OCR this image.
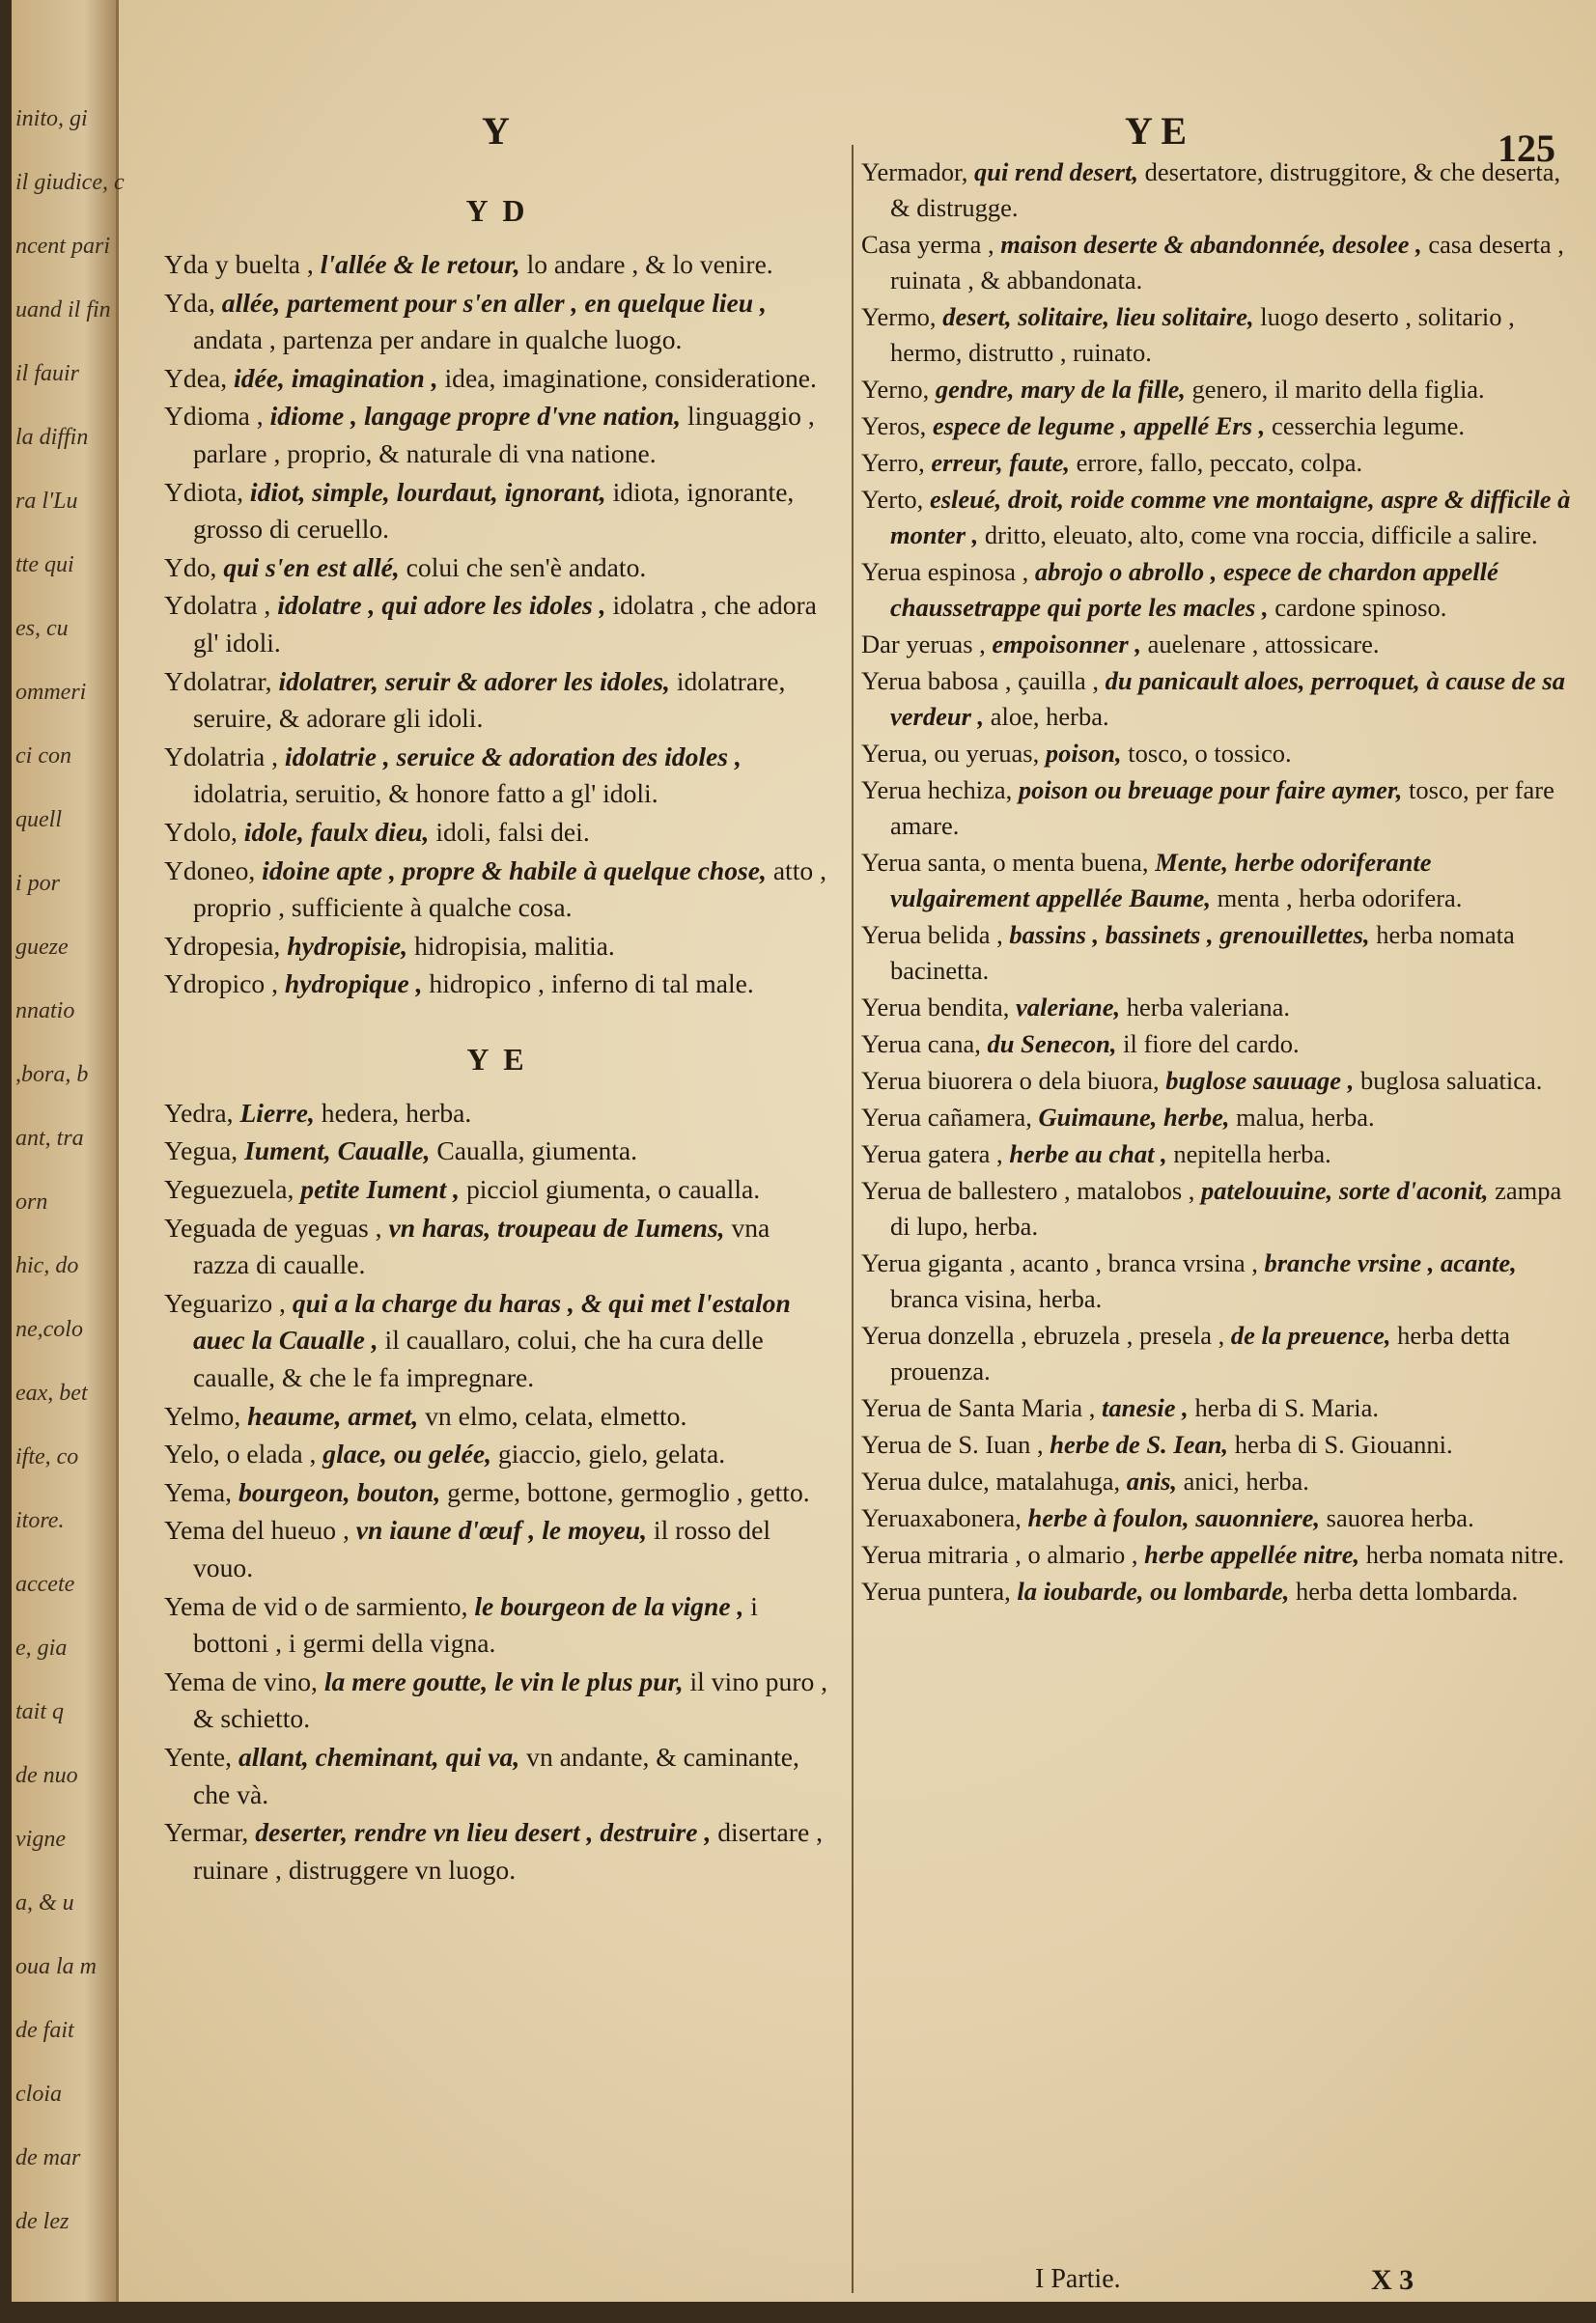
inito, gi
il giudice, c
ncent pari
uand il fin
il fauir
la diffin
ra l'Lu
tte qui
es, cu
ommeri
ci con
quell
i por
gueze
nnatio
,bora, b
ant, tra
orn
hic, do
ne,colo
eax, bet
ifte, co
itore.
accete
e, gia
tait q
de nuo
vigne
a, & u
oua la m
de fait
cloia
de mar
de lez
Y	Y E	125
Y D

Yda y buelta , l'allée & le retour, lo andare , & lo venire.

Yda, allée, partement pour s'en aller , en quelque lieu , andata , partenza per andare in qualche luogo.

Ydea, idée, imagination , idea, imaginatione, consideratione.

Ydioma , idiome , langage propre d'vne nation, linguaggio , parlare , proprio, & naturale di vna natione.

Ydiota, idiot, simple, lourdaut, ignorant, idiota, ignorante, grosso di ceruello.

Ydo, qui s'en est allé, colui che sen'è andato.

Ydolatra , idolatre , qui adore les idoles , idolatra , che adora gl' idoli.

Ydolatrar, idolatrer, seruir & adorer les idoles, idolatrare, seruire, & adorare gli idoli.

Ydolatria , idolatrie , seruice & adoration des idoles , idolatria, seruitio, & honore fatto a gl' idoli.

Ydolo, idole, faulx dieu, idoli, falsi dei.

Ydoneo, idoine apte , propre & habile à quelque chose, atto , proprio , sufficiente à qualche cosa.

Ydropesia, hydropisie, hidropisia, malitia.

Ydropico , hydropique , hidropico , inferno di tal male.

Y E

Yedra, Lierre, hedera, herba.

Yegua, Iument, Caualle, Caualla, giumenta.

Yeguezuela, petite Iument , picciol giumenta, o caualla.

Yeguada de yeguas , vn haras, troupeau de Iumens, vna razza di caualle.

Yeguarizo , qui a la charge du haras , & qui met l'estalon auec la Caualle , il cauallaro, colui, che ha cura delle caualle, & che le fa impregnare.

Yelmo, heaume, armet, vn elmo, celata, elmetto.

Yelo, o elada , glace, ou gelée, giaccio, gielo, gelata.

Yema, bourgeon, bouton, germe, bottone, germoglio , getto.

Yema del hueuo , vn iaune d'œuf , le moyeu, il rosso del vouo.

Yema de vid o de sarmiento, le bourgeon de la vigne , i bottoni , i germi della vigna.

Yema de vino, la mere goutte, le vin le plus pur, il vino puro , & schietto.

Yente, allant, cheminant, qui va, vn andante, & caminante, che và.

Yermar, deserter, rendre vn lieu desert , destruire , disertare , ruinare , distruggere vn luogo.

Yermador, qui rend desert, desertatore, distruggitore, & che deserta, & distrugge.

Casa yerma , maison deserte & abandonnée, desolee , casa deserta , ruinata , & abbandonata.

Yermo, desert, solitaire, lieu solitaire, luogo deserto , solitario , hermo, distrutto , ruinato.

Yerno, gendre, mary de la fille, genero, il marito della figlia.

Yeros, espece de legume , appellé Ers , cesserchia legume.

Yerro, erreur, faute, errore, fallo, peccato, colpa.

Yerto, esleué, droit, roide comme vne montaigne, aspre & difficile à monter , dritto, eleuato, alto, come vna roccia, difficile a salire.

Yerua espinosa , abrojo o abrollo , espece de chardon appellé chaussetrappe qui porte les macles , cardone spinoso.

Dar yeruas , empoisonner , auelenare , attossicare.

Yerua babosa , çauilla , du panicault aloes, perroquet, à cause de sa verdeur , aloe, herba.

Yerua, ou yeruas, poison, tosco, o tossico.

Yerua hechiza, poison ou breuage pour faire aymer, tosco, per fare amare.

Yerua santa, o menta buena, Mente, herbe odoriferante vulgairement appellée Baume, menta , herba odorifera.

Yerua belida , bassins , bassinets , grenouillettes, herba nomata bacinetta.

Yerua bendita, valeriane, herba valeriana.

Yerua cana, du Senecon, il fiore del cardo.

Yerua biuorera o dela biuora, buglose sauuage , buglosa saluatica.

Yerua cañamera, Guimaune, herbe, malua, herba.

Yerua gatera , herbe au chat , nepitella herba.

Yerua de ballestero , matalobos , patelouuine, sorte d'aconit, zampa di lupo, herba.

Yerua giganta , acanto , branca vrsina , branche vrsine , acante, branca visina, herba.

Yerua donzella , ebruzela , presela , de la preuence, herba detta prouenza.

Yerua de Santa Maria , tanesie , herba di S. Maria.

Yerua de S. Iuan , herbe de S. Iean, herba di S. Giouanni.

Yerua dulce, matalahuga, anis, anici, herba.

Yeruaxabonera, herbe à foulon, sauonniere, sauorea herba.

Yerua mitraria , o almario , herbe appellée nitre, herba nomata nitre.

Yerua puntera, la ioubarde, ou lombarde, herba detta lombarda.

I Partie.	X 3
